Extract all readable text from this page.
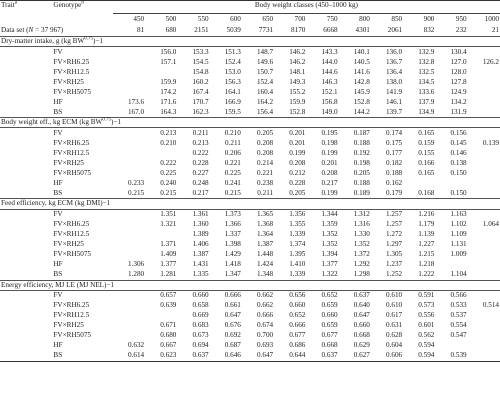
Trait$^a$	Genotype$^b$	Body weight classes (450–1000 kg)											
		450	500	550	600	650	700	750	800	850	900	950	1000
Data set (N = 37 967)		81	680	2151	5039	7731	8170	6668	4301	2061	832	232	21
Dry-matter intake, g (kg $BW^{0.75})-1$													
	FV		156.0	153.3	151.3	148.7	146.2	143.3	140.1	136.0	132.9	130.4	
	FV×RH6.25		157.1	154.5	152.4	149.6	146.2	144.0	140.5	136.7	132.8	127.0	126.2
	FV×RH12.5			154.8	153.0	150.7	148.1	144.6	141.6	136.4	132.5	128.0	
	FV×RH25		159.9	160.2	156.3	152.4	149.3	146.3	142.8	138.0	134.5	127.8	
	FV×RH5075		174.2	167.4	164.1	160.4	155.2	152.1	145.9	141.9	133.6	124.9	
	HF	173.6	171.6	170.7	166.9	164.2	159.9	156.8	152.8	146.1	137.9	134.2	
	BS	167.0	164.3	162.3	159.5	156.4	152.8	149.0	144.2	139.7	134.9	131.9	
Body weight eff., kg ECM (kg $BW^{0.75})-1$													
	FV		0.213	0.211	0.210	0.205	0.201	0.195	0.187	0.174	0.165	0.156	
	FV×RH6.25		0.210	0.213	0.211	0.208	0.201	0.198	0.188	0.175	0.159	0.145	0.139
	FV×RH12.5			0.222	0.206	0.208	0.199	0.199	0.192	0.177	0.155	0.146	
	FV×RH25		0.222	0.228	0.221	0.214	0.208	0.201	0.198	0.182	0.166	0.138	
	FV×RH5075		0.225	0.227	0.225	0.221	0.212	0.208	0.205	0.188	0.165	0.150	
	HF	0.233	0.240	0.248	0.241	0.238	0.228	0.217	0.188	0.162			
	BS	0.215	0.215	0.217	0.215	0.211	0.205	0.199	0.189	0.179	0.168	0.150	
Feed efficiency, kg ECM (kg DMI)−1													
	FV		1.351	1.361	1.373	1.365	1.356	1.344	1.312	1.257	1.216	1.163	
	FV×RH6.25		1.321	1.360	1.366	1.368	1.355	1.359	1.316	1.257	1.179	1.102	1.064
	FV×RH12.5			1.389	1.337	1.364	1.339	1.352	1.330	1.272	1.139	1.109	
	FV×RH25		1.371	1.406	1.398	1.387	1.374	1.352	1.352	1.297	1.227	1.131	
	FV×RH5075		1.409	1.387	1.429	1.448	1.395	1.394	1.372	1.305	1.215	1.009	
	HF	1.306	1.377	1.431	1.418	1.424	1.410	1.377	1.292	1.237	1.218		
	BS	1.280	1.281	1.335	1.347	1.348	1.339	1.322	1.298	1.252	1.222	1.104	
Energy efficiency, MJ LE (MJ NEL)−1													
	FV		0.657	0.660	0.666	0.662	0.656	0.652	0.637	0.610	0.591	0.566	
	FV×RH6.25		0.639	0.658	0.661	0.662	0.660	0.659	0.640	0.610	0.573	0.533	0.514
	FV×RH12.5			0.669	0.647	0.666	0.652	0.660	0.647	0.617	0.556	0.537	
	FV×RH25		0.671	0.683	0.676	0.674	0.666	0.659	0.660	0.631	0.601	0.554	
	FV×RH5075		0.680	0.673	0.692	0.700	0.677	0.677	0.668	0.628	0.562	0.547	
	HF	0.632	0.667	0.694	0.687	0.693	0.686	0.668	0.629	0.604	0.594		
	BS	0.614	0.623	0.637	0.646	0.647	0.644	0.637	0.627	0.606	0.594	0.539	
